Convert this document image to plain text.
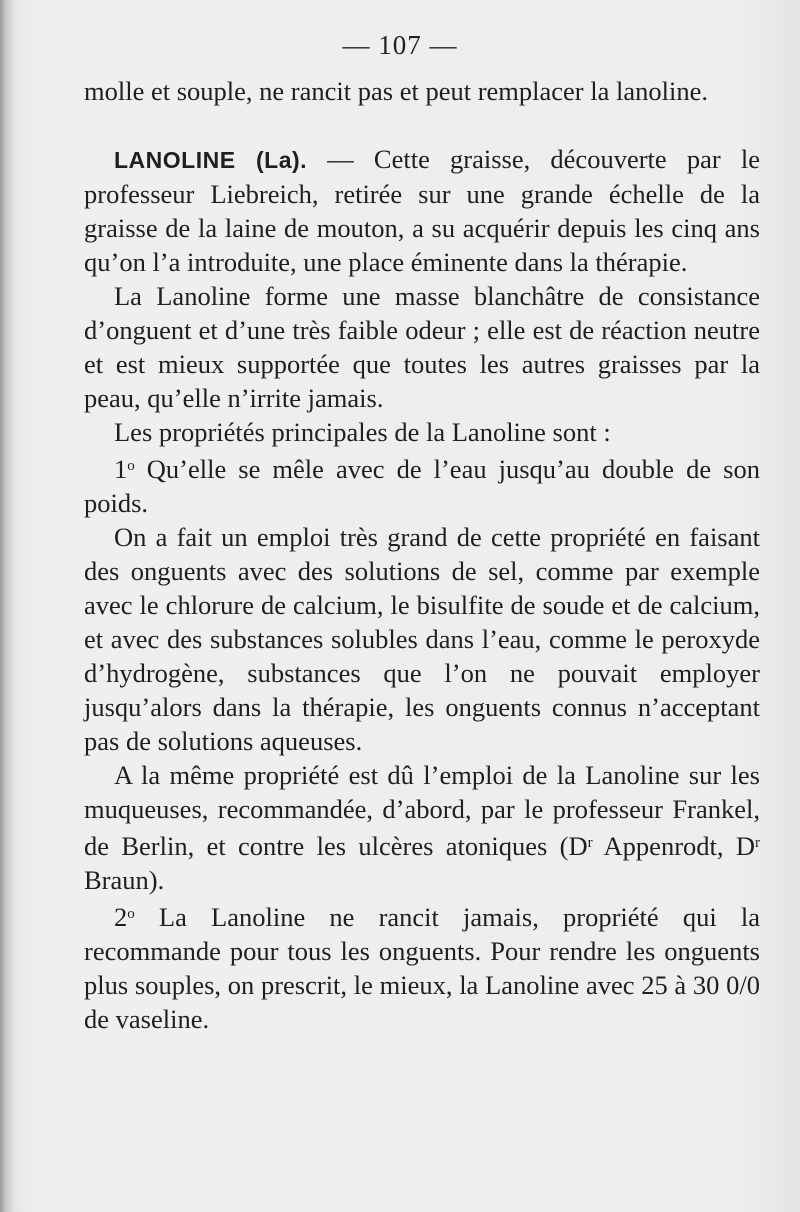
— 107 —

molle et souple, ne rancit pas et peut remplacer la lanoline.

LANOLINE (La). — Cette graisse, découverte par le professeur Liebreich, retirée sur une grande échelle de la graisse de la laine de mouton, a su acquérir depuis les cinq ans qu’on l’a introduite, une place éminente dans la thérapie.

La Lanoline forme une masse blanchâtre de consistance d’onguent et d’une très faible odeur ; elle est de réaction neutre et est mieux supportée que toutes les autres graisses par la peau, qu’elle n’irrite jamais.

Les propriétés principales de la Lanoline sont :

1$^o$ Qu’elle se mêle avec de l’eau jusqu’au double de son poids.

On a fait un emploi très grand de cette propriété en faisant des onguents avec des solutions de sel, comme par exemple avec le chlorure de calcium, le bisulfite de soude et de calcium, et avec des substances solubles dans l’eau, comme le peroxyde d’hydrogène, substances que l’on ne pouvait employer jusqu’alors dans la thérapie, les onguents connus n’acceptant pas de solutions aqueuses.

A la même propriété est dû l’emploi de la Lanoline sur les muqueuses, recommandée, d’abord, par le professeur Frankel, de Berlin, et contre les ulcères atoniques ($D^r$ Appenrodt, $D^r$ Braun).

2$^o$ La Lanoline ne rancit jamais, propriété qui la recommande pour tous les onguents. Pour rendre les onguents plus souples, on prescrit, le mieux, la Lanoline avec 25 à 30 0/0 de vaseline.
